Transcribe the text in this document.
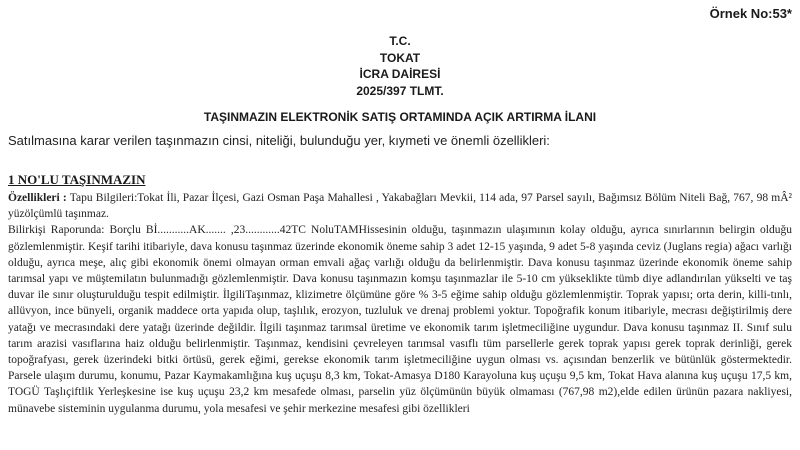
Örnek No:53*
T.C.
TOKAT
İCRA DAİRESİ
2025/397 TLMT.
TAŞINMAZIN ELEKTRONİK SATIŞ ORTAMINDA AÇIK ARTIRMA İLANI
Satılmasına karar verilen taşınmazın cinsi, niteliği, bulunduğu yer, kıymeti ve önemli özellikleri:
1 NO'LU TAŞINMAZIN

Özellikleri : Tapu Bilgileri:Tokat İli, Pazar İlçesi, Gazi Osman Paşa Mahallesi , Yakabağları Mevkii, 114 ada, 97 Parsel sayılı, Bağımsız Bölüm Niteli Bağ, 767, 98 mÂ² yüzölçümlü taşınmaz.

Bilirkişi Raporunda: Borçlu Bİ...........AK....... ,23............42TC NoluTAMHissesinin olduğu, taşınmazın ulaşımının kolay olduğu, ayrıca sınırlarının belirgin olduğu gözlemlenmiştir. Keşif tarihi itibariyle, dava konusu taşınmaz üzerinde ekonomik öneme sahip 3 adet 12-15 yaşında, 9 adet 5-8 yaşında ceviz (Juglans regia) ağacı varlığı olduğu, ayrıca meşe, alıç gibi ekonomik önemi olmayan orman emvali ağaç varlığı olduğu da belirlenmiştir. Dava konusu taşınmaz üzerinde ekonomik öneme sahip tarımsal yapı ve müştemilatın bulunmadığı gözlemlenmiştir. Dava konusu taşınmazın komşu taşınmazlar ile 5-10 cm yükseklikte tümb diye adlandırılan yükselti ve taş duvar ile sınır oluşturulduğu tespit edilmiştir. İlgiliTaşınmaz, klizimetre ölçümüne göre % 3-5 eğime sahip olduğu gözlemlenmiştir. Toprak yapısı; orta derin, killi-tınlı, allüvyon, ince bünyeli, organik maddece orta yapıda olup, taşlılık, erozyon, tuzluluk ve drenaj problemi yoktur. Topoğrafik konum itibariyle, mecrası değiştirilmiş dere yatağı ve mecrasındaki dere yatağı üzerinde değildir. İlgili taşınmaz tarımsal üretime ve ekonomik tarım işletmeciliğine uygundur. Dava konusu taşınmaz II. Sınıf sulu tarım arazisi vasıflarına haiz olduğu belirlenmiştir. Taşınmaz, kendisini çevreleyen tarımsal vasıflı tüm parsellerle gerek toprak yapısı gerek toprak derinliği, gerek topoğrafyası, gerek üzerindeki bitki örtüsü, gerek eğimi, gerekse ekonomik tarım işletmeciliğine uygun olması vs. açısından benzerlik ve bütünlük göstermektedir. Parsele ulaşım durumu, konumu, Pazar Kaymakamlığına kuş uçuşu 8,3 km, Tokat-Amasya D180 Karayoluna kuş uçuşu 9,5 km, Tokat Hava alanına kuş uçuşu 17,5 km, TOGÜ Taşlıçiftlik Yerleşkesine ise kuş uçuşu 23,2 km mesafede olması, parselin yüz ölçümünün büyük olmaması (767,98 m2),elde edilen ürünün pazara nakliyesi, münavebe sisteminin uygulanma durumu, yola mesafesi ve şehir merkezine mesafesi gibi özellikleri
